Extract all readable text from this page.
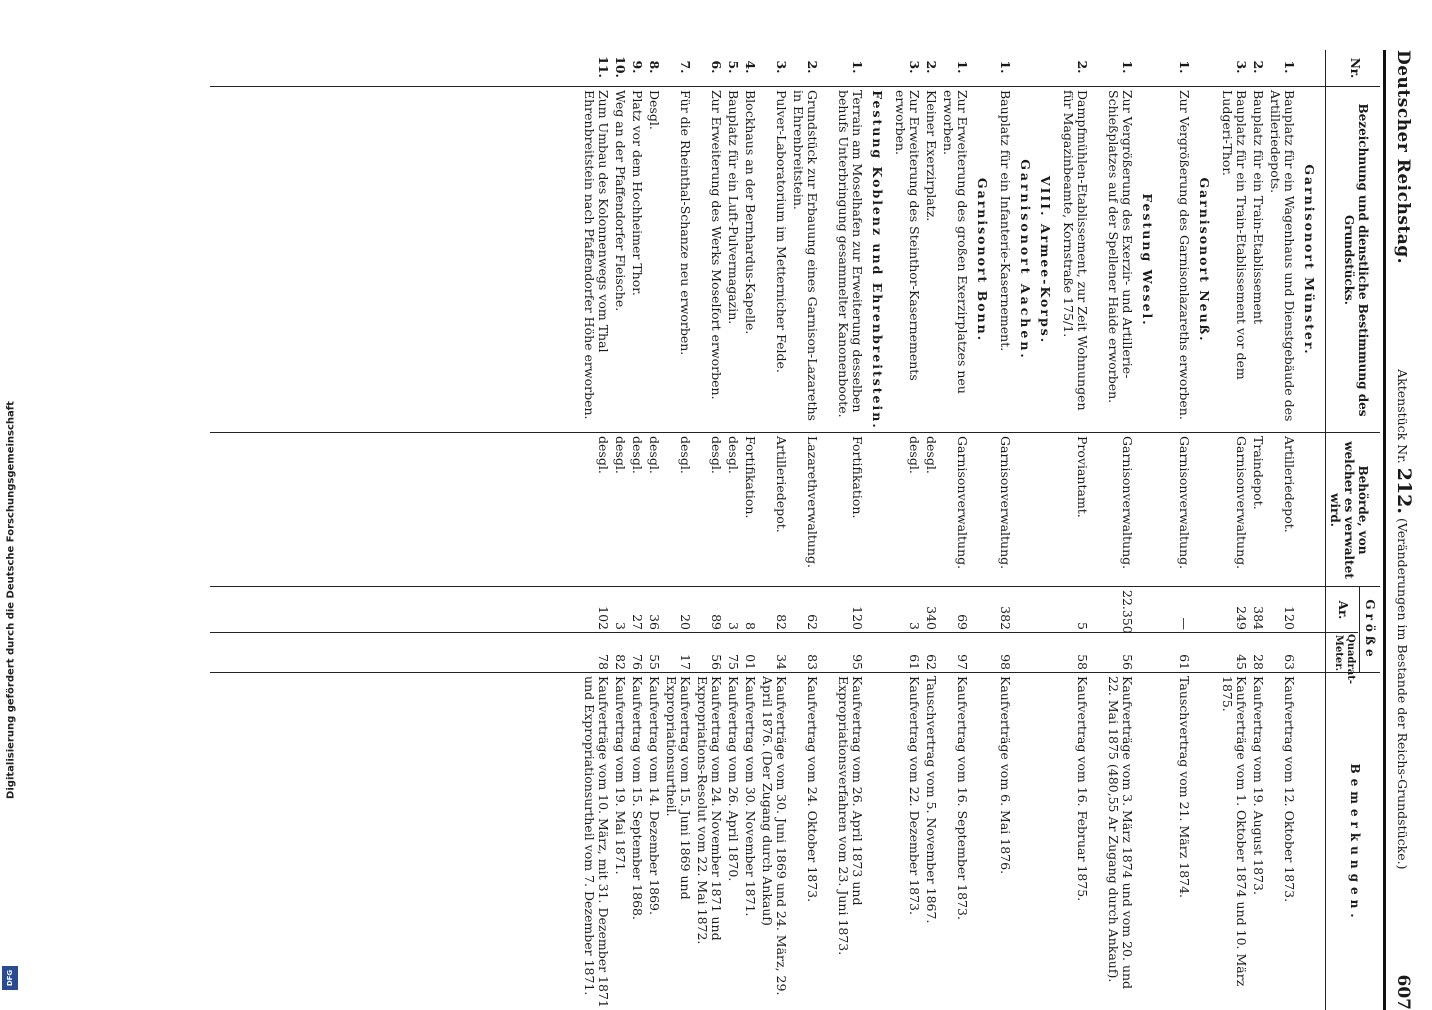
Digitalisierung gefördert durch die Deutsche Forschungsgemeinschaft
DFG
Deutscher Reichstag.
Aktenstück Nr. 212. (Veränderungen im Bestande der Reichs-Grundstücke.)
607
Nr.
Bezeichnung und dienstliche Bestimmung des Grundstücks.
Größe
Behörde, von welcher es verwaltet wird.
Ar.
Quadrat-Meter.
Bemerkungen.
Garnisonort Münster.
1.
Bauplatz für ein Wagenhaus und Dienstgebäude des Artilleriedepots.
Artilleriedepot.
120
63
Kaufvertrag vom 12. Oktober 1873.
2.
Bauplatz für ein Train-Etablissement
Traindepot.
384
28
Kaufvertrag vom 19. August 1873.
3.
Bauplatz für ein Train-Etablissement vor dem Ludgeri-Thor.
Garnisonverwaltung.
249
45
Kaufverträge vom 1. Oktober 1874 und 10. März 1875.
Garnisonort Neuß.
1.
Zur Vergrößerung des Garnisonlazareths erworben.
Garnisonverwaltung.
—
61
Tauschvertrag vom 21. März 1874.
Festung Wesel.
1.
Zur Vergrößerung des Exerzir- und Artillerie-Schießplatzes auf der Spellener Haide erworben.
Garnisonverwaltung.
22.350
56
Kaufverträge vom 3. März 1874 und vom 20. und 22. Mai 1875 (480,55 Ar Zugang durch Ankauf).
2.
Dampfmühlen-Etablissement, zur Zeit Wohnungen für Magazinbeamte, Kornstraße 175/1.
Proviantamt.
5
58
Kaufvertrag vom 16. Februar 1875.
VIII. Armee-Korps.
Garnisonort Aachen.
1.
Bauplatz für ein Infanterie-Kasernement.
Garnisonverwaltung.
382
98
Kaufverträge vom 6. Mai 1876.
Garnisonort Bonn.
1.
Zur Erweiterung des großen Exerzirplatzes neu erworben.
Garnisonverwaltung.
69
97
Kaufvertrag vom 16. September 1873.
2.
Kleiner Exerzirplatz.
desgl.
340
62
Tauschvertrag vom 5. November 1867.
3.
Zur Erweiterung des Steinthor-Kasernements erworben.
desgl.
3
61
Kaufvertrag vom 22. Dezember 1873.
Festung Koblenz und Ehrenbreitstein.
1.
Terrain am Moselhafen zur Erweiterung desselben behufs Unterbringung gesammelter Kanonenboote.
Fortifikation.
120
95
Kaufvertrag vom 26. April 1873 und Expropriationsverfahren vom 23. Juni 1873.
2.
Grundstück zur Erbauung eines Garnison-Lazareths in Ehrenbreitstein.
Lazarethverwaltung.
62
83
Kaufvertrag vom 24. Oktober 1873.
3.
Pulver-Laboratorium im Metternicher Felde.
Artilleriedepot.
82
34
Kaufverträge vom 30. Juni 1869 und 24. März, 29. April 1876. (Der Zugang durch Ankauf)
4.
Blockhaus an der Bernhardus-Kapelle.
Fortifikation.
8
01
Kaufvertrag vom 30. November 1871.
5.
Bauplatz für ein Luft-Pulvermagazin.
desgl.
3
75
Kaufvertrag vom 26. April 1870.
6.
Zur Erweiterung des Werks Moselfort erworben.
desgl.
89
56
Kaufvertrag vom 24. November 1871 und Expropriations-Resolut vom 22. Mai 1872.
7.
Für die Rheinthal-Schanze neu erworben.
desgl.
20
17
Kaufvertrag vom 15. Juni 1869 und Expropriationsurtheil.
8.
Desgl.
desgl.
36
55
Kaufvertrag vom 14. Dezember 1869.
9.
Platz vor dem Hochheimer Thor.
desgl.
27
76
Kaufvertrag vom 15. September 1868.
10.
Weg an der Pfaffendorfer Fleische.
desgl.
3
82
Kaufvertrag vom 19. Mai 1871.
11.
Zum Umbau des Kolonnenwegs vom Thal Ehrenbreitstein nach Pfaffendorfer Höhe erworben.
desgl.
102
78
Kaufverträge vom 10. März, mit 31. Dezember 1871 und Expropriationsurtheil vom 7. Dezember 1871.
